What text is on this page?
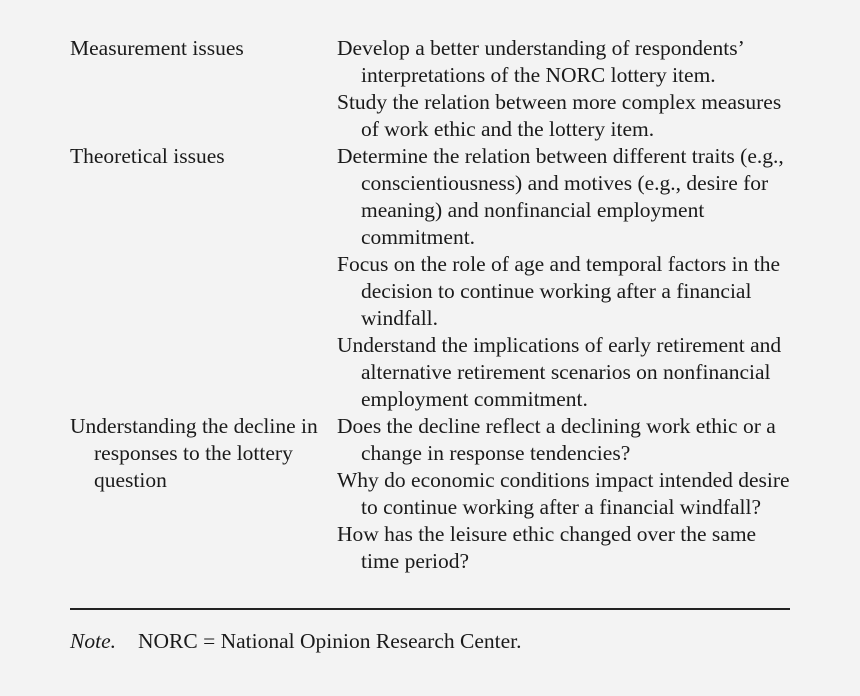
Measurement issues	Develop a better understanding of respondents’ interpretations of the NORC lottery item.
Study the relation between more complex measures of work ethic and the lottery item.
Theoretical issues	Determine the relation between different traits (e.g., conscientiousness) and motives (e.g., desire for meaning) and nonfinancial employment commitment.
Focus on the role of age and temporal factors in the decision to continue working after a financial windfall.
Understand the implications of early retirement and alternative retirement scenarios on nonfinancial employment commitment.
Understanding the decline in responses to the lottery question
Does the decline reflect a declining work ethic or a change in response tendencies?
Why do economic conditions impact intended desire to continue working after a financial windfall?
How has the leisure ethic changed over the same time period?
Note. NORC = National Opinion Research Center.
